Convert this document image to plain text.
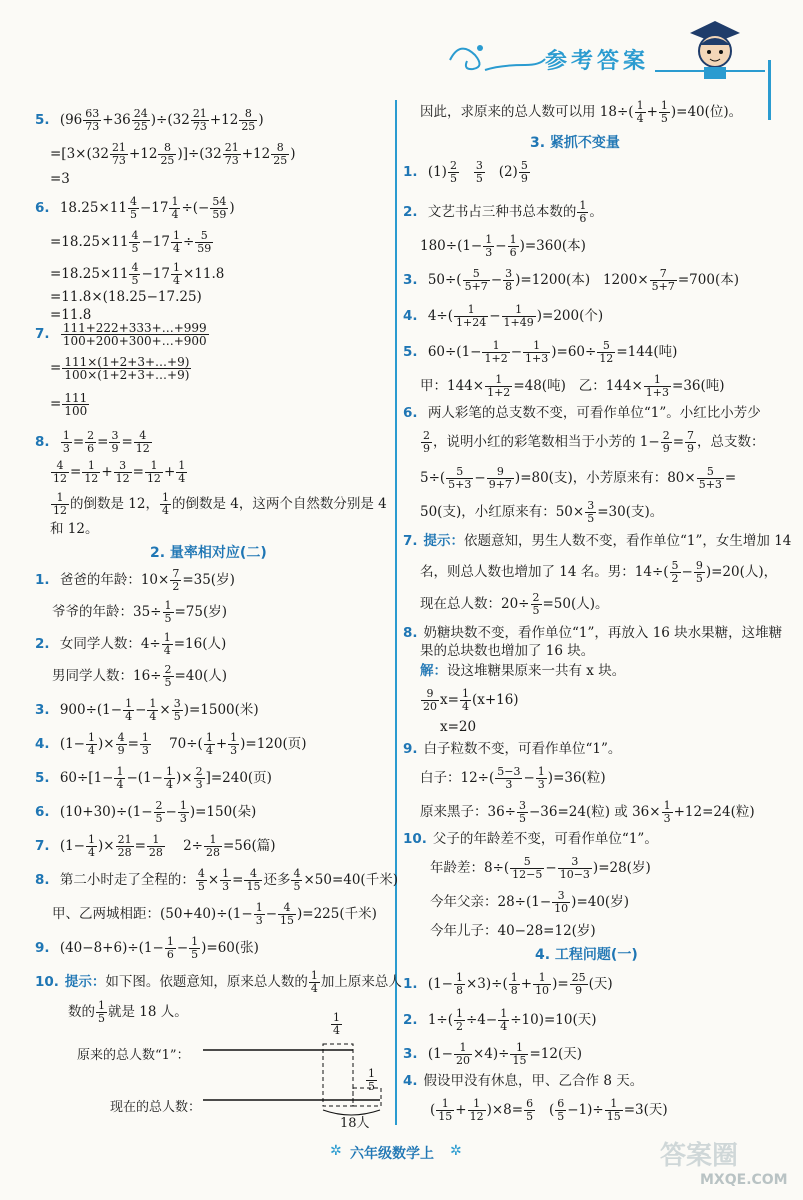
参考答案
5. $(96 \frac{63}{73} +36 \frac{24}{25} )\div(32 \frac{21}{73} +12 \frac{8}{25}$ )
$=[3\times(32 \frac{21}{73} +12 \frac{8}{25} )]\div(32 \frac{21}{73} +12 \frac{8}{25}$ )
=3
6. $18.25\times 11 \frac{4}{5} -17 \frac{1}{4}$ ÷(− $\frac{54}{59}$ )
$=18.25\times 11 \frac{4}{5} -17 \frac{1}{4} \div \frac{5}{59}$
$=18.25\times 11 \frac{4}{5} -17 \frac{1}{4} \times 11.8$
=11.8×(18.25−17.25)
=11.8
7. $\frac{111+222+333+\dots+999}{100+200+300+\dots+900}$
= $\frac{111\times(1+2+3+\dots+9)}{100\times(1+2+3+\dots+9)}$
= $\frac{111}{100}$
8. $\frac{1}{3} = \frac{2}{6} = \frac{3}{9} = \frac{4}{12}$
$\frac{4}{12} = \frac{1}{12} + \frac{3}{12} = \frac{1}{12} + \frac{1}{4}$
$\frac{1}{12}$ 的倒数是 12， $\frac{1}{4}$ 的倒数是 4，这两个自然数分别是 4
和 12。
2. 量率相对应(二)
1. 爸爸的年龄：$10\times \frac{7}{2} =35$(岁)
爷爷的年龄：$35\div \frac{1}{5} =75$(岁)
2. 女同学人数：$4\div \frac{1}{4} =16$(人)
男同学人数：$16\div \frac{2}{5} =40$(人)
3. $900\div(1- \frac{1}{4} - \frac{1}{4} \times \frac{3}{5} )=1500$(米)
4. ($1- \frac{1}{4}$ )× $\frac{4}{9} = \frac{1}{3} 70\div( \frac{1}{4} + \frac{1}{3} )=120$(页)
5. $60\div[1- \frac{1}{4} -(1- \frac{1}{4}$ )× $\frac{2}{3} ]=240$(页)
6. $(10+30)\div(1- \frac{2}{5} - \frac{1}{3} )=150$(朵)
7. ($1- \frac{1}{4}$ )× $\frac{21}{28} = \frac{1}{28} 2\div \frac{1}{28} =56$(篇)
8. 第二小时走了全程的： $\frac{4}{5} \times \frac{1}{3} = \frac{4}{15}$ 还多 $\frac{4}{5} \times 50=40$(千米)
甲、乙两城相距：$(50+40)\div(1- \frac{1}{3} - \frac{4}{15} )=225$(千米)
9. $(40-8+6)\div(1- \frac{1}{6} - \frac{1}{5} )=60$(张)
10. 提示：如下图。依题意知，原来总人数的 $\frac{1}{4}$ 加上原来总人
数的 $\frac{1}{5}$ 就是 18 人。	$\frac{1}{4}$
$\frac{1}{5}$
原来的总人数“1”：
现在的总人数：
18人
因此，求原来的总人数可以用 $18\div( \frac{1}{4} + \frac{1}{5} )=40$(位)。
3. 紧抓不变量
1. $(1) \frac{2}{5}$
$\frac{3}{5} (2) \frac{5}{9}$
2. 文艺书占三种书总本数的 $\frac{1}{6}$ 。
$180\div(1- \frac{1}{3} - \frac{1}{6} )=360$(本)
3. $50\div( \frac{5}{5+7} - \frac{3}{8} )=1200$(本)   $1200\times \frac{7}{5+7} =700$(本)
4. $4\div( \frac{1}{1+24} - \frac{1}{1+49} )=200$(个)
5. $60\div(1- \frac{1}{1+2} - \frac{1}{1+3} )=60\div \frac{5}{12} =144$(吨)
甲：$144\times \frac{1}{1+2} =48$(吨)   乙：$144\times \frac{1}{1+3} =36$(吨)
6. 两人彩笔的总支数不变，可看作单位“1”。小红比小芳少
$\frac{2}{9}$ ，说明小红的彩笔数相当于小芳的 $1- \frac{2}{9} = \frac{7}{9}$ ，总支数：
$5\div( \frac{5}{5+3} - \frac{9}{9+7} )=80$(支)，小芳原来有：$80\times \frac{5}{5+3}$ =
50(支)，小红原来有：$50\times \frac{3}{5} =30$(支)。
7. 提示：依题意知，男生人数不变，看作单位“1”，女生增加 14
名，则总人数也增加了 14 名。男：$14\div( \frac{5}{2} - \frac{9}{5} )=20$(人)，
现在总人数：$20\div \frac{2}{5} =50$(人)。
8. 奶糖块数不变，看作单位“1”，再放入 16 块水果糖，这堆糖
果的总块数也增加了 16 块。
解：设这堆糖果原来一共有 x 块。
$\frac{9}{20} x= \frac{1}{4} (x+16)$
x=20
9. 白子粒数不变，可看作单位“1”。
白子：$12\div( \frac{5-3}{3} - \frac{1}{3} )=36$(粒)
原来黑子：$36\div \frac{3}{5} -36=24$(粒) 或 $36\times \frac{1}{3} +12=24$(粒)
10. 父子的年龄差不变，可看作单位“1”。
年龄差：$8\div( \frac{5}{12-5} - \frac{3}{10-3} )=28$(岁)
今年父亲：$28\div(1- \frac{3}{10} )=40$(岁)
今年儿子：40−28=12(岁)
4. 工程问题(一)
1. $(1- \frac{1}{8} \times 3)\div( \frac{1}{8} + \frac{1}{10}$ )= $\frac{25}{9}$ (天)
2. $1\div( \frac{1}{2} \div 4- \frac{1}{4} \div 10)=10$(天)
3. $(1- \frac{1}{20} \times 4)\div \frac{1}{15} =12$(天)
4. 假设甲没有休息，甲、乙合作 8 天。
( $\frac{1}{15} + \frac{1}{12} )\times 8= \frac{6}{5}$ ( $\frac{6}{5} -1)\div \frac{1}{15} =3$(天)
✲ 六年级数学上 ✲	答案圈
MXQE.COM
